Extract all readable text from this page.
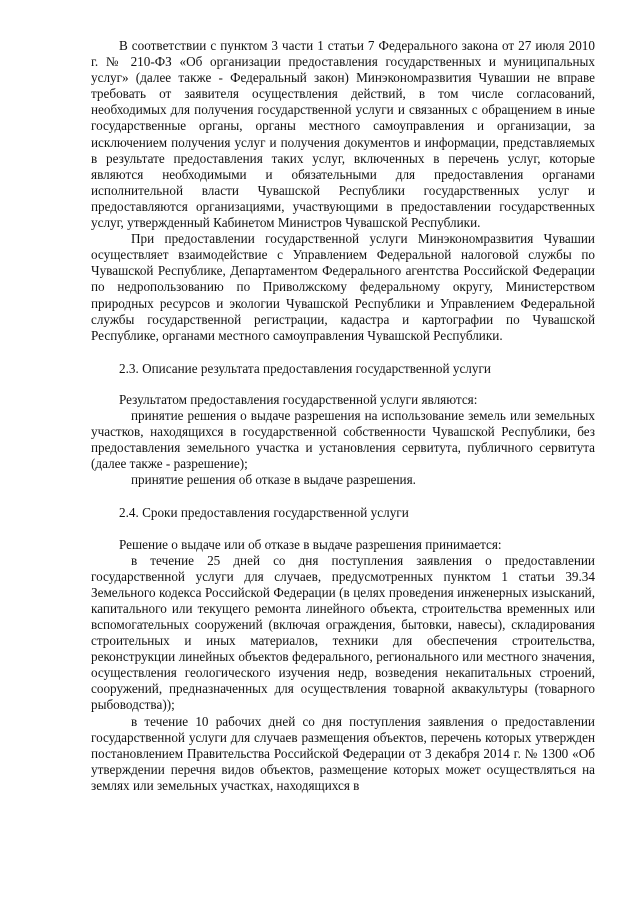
В соответствии с пунктом 3 части 1 статьи 7 Федерального закона от 27 июля 2010 г. № 210-ФЗ «Об организации предоставления государственных и муниципальных услуг» (далее также - Федеральный закон) Минэкономразвития Чувашии не вправе требовать от заявителя осуществления действий, в том числе согласований, необходимых для получения государственной услуги и связанных с обращением в иные государственные органы, органы местного самоуправления и организации, за исключением получения услуг и получения документов и информации, представляемых в результате предоставления таких услуг, включенных в перечень услуг, которые являются необходимыми и обязательными для предоставления органами исполнительной власти Чувашской Республики государственных услуг и предоставляются организациями, участвующими в предоставлении государственных услуг, утвержденный Кабинетом Министров Чувашской Республики.

При предоставлении государственной услуги Минэкономразвития Чувашии осуществляет взаимодействие с Управлением Федеральной налоговой службы по Чувашской Республике, Департаментом Федерального агентства Российской Федерации по недропользованию по Приволжскому федеральному округу, Министерством природных ресурсов и экологии Чувашской Республики и Управлением Федеральной службы государственной регистрации, кадастра и картографии по Чувашской Республике, органами местного самоуправления Чувашской Республики.

2.3. Описание результата предоставления государственной услуги

Результатом предоставления государственной услуги являются:

принятие решения о выдаче разрешения на использование земель или земельных участков, находящихся в государственной собственности Чувашской Республики, без предоставления земельного участка и установления сервитута, публичного сервитута (далее также - разрешение);

принятие решения об отказе в выдаче разрешения.

2.4. Сроки предоставления государственной услуги

Решение о выдаче или об отказе в выдаче разрешения принимается:

в течение 25 дней со дня поступления заявления о предоставлении государственной услуги для случаев, предусмотренных пунктом 1 статьи 39.34 Земельного кодекса Российской Федерации (в целях проведения инженерных изысканий, капитального или текущего ремонта линейного объекта, строительства временных или вспомогательных сооружений (включая ограждения, бытовки, навесы), складирования строительных и иных материалов, техники для обеспечения строительства, реконструкции линейных объектов федерального, регионального или местного значения, осуществления геологического изучения недр, возведения некапитальных строений, сооружений, предназначенных для осуществления товарной аквакультуры (товарного рыбоводства));

в течение 10 рабочих дней со дня поступления заявления о предоставлении государственной услуги для случаев размещения объектов, перечень которых утвержден постановлением Правительства Российской Федерации от 3 декабря 2014 г. № 1300 «Об утверждении перечня видов объектов, размещение которых может осуществляться на землях или земельных участках, находящихся в
